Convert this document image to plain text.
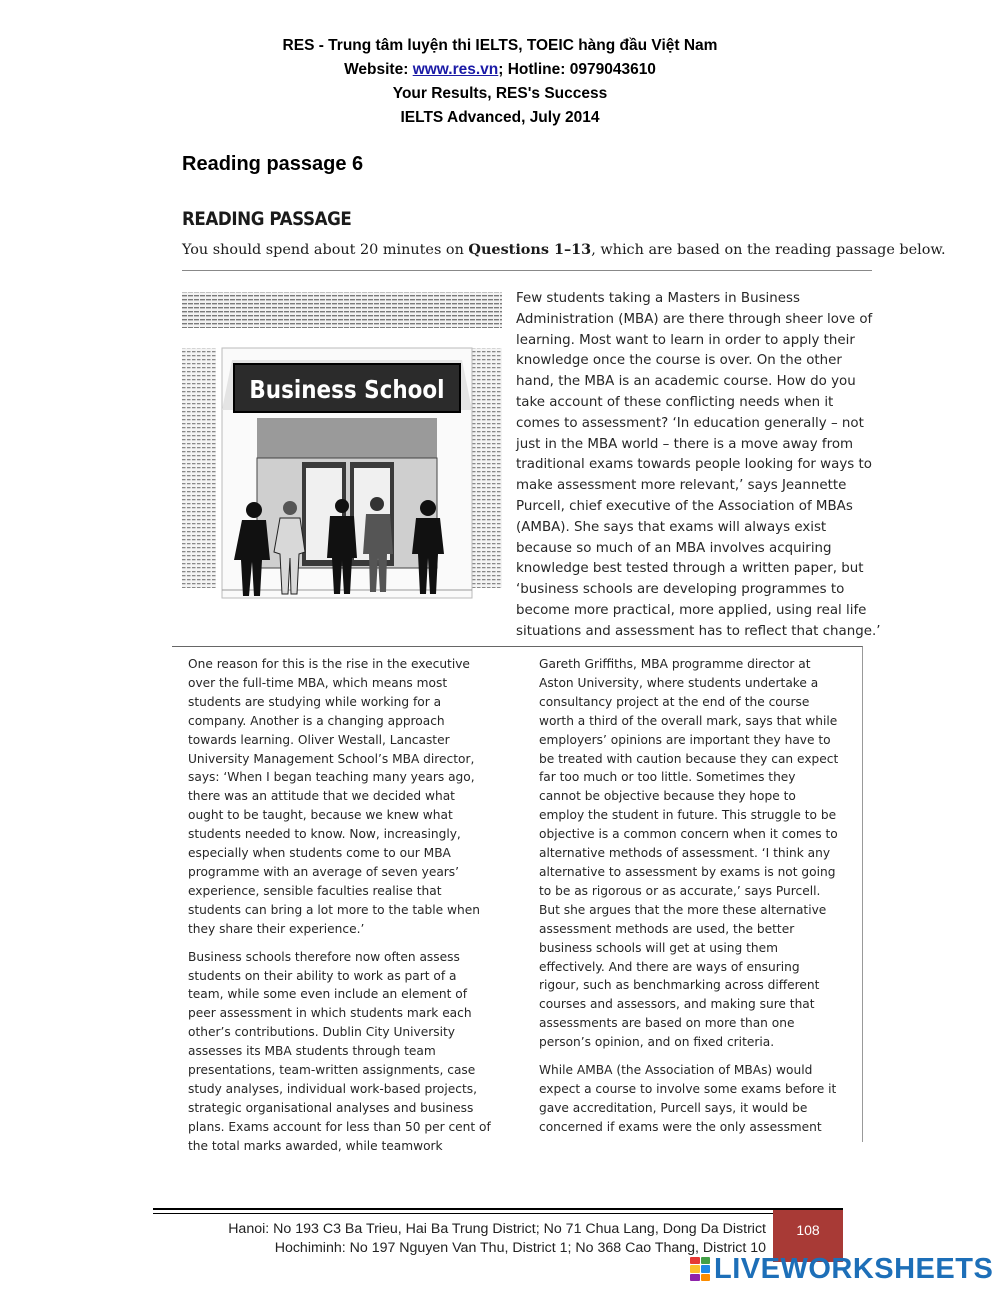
RES - Trung tâm luyện thi IELTS, TOEIC hàng đầu Việt Nam
Website: www.res.vn; Hotline: 0979043610
Your Results, RES's Success
IELTS Advanced, July 2014
Reading passage 6
READING PASSAGE
You should spend about 20 minutes on Questions 1–13, which are based on the reading passage below.
Business School

Few students taking a Masters in Business Administration (MBA) are there through sheer love of learning. Most want to learn in order to apply their knowledge once the course is over. On the other hand, the MBA is an academic course. How do you take account of these conflicting needs when it comes to assessment? ‘In education generally – not just in the MBA world – there is a move away from traditional exams towards people looking for ways to make assessment more relevant,’ says Jeannette Purcell, chief executive of the Association of MBAs (AMBA). She says that exams will always exist because so much of an MBA involves acquiring knowledge best tested through a written paper, but ‘business schools are developing programmes to become more practical, more applied, using real life situations and assessment has to reflect that change.’

One reason for this is the rise in the executive over the full-time MBA, which means most students are studying while working for a company. Another is a changing approach towards learning. Oliver Westall, Lancaster University Management School’s MBA director, says: ‘When I began teaching many years ago, there was an attitude that we decided what ought to be taught, because we knew what students needed to know. Now, increasingly, especially when students come to our MBA programme with an average of seven years’ experience, sensible faculties realise that students can bring a lot more to the table when they share their experience.’

Business schools therefore now often assess students on their ability to work as part of a team, while some even include an element of peer assessment in which students mark each other’s contributions. Dublin City University assesses its MBA students through team presentations, team-written assignments, case study analyses, individual work-based projects, strategic organisational analyses and business plans. Exams account for less than 50 per cent of the total marks awarded, while teamwork

Gareth Griffiths, MBA programme director at Aston University, where students undertake a consultancy project at the end of the course worth a third of the overall mark, says that while employers’ opinions are important they have to be treated with caution because they can expect far too much or too little. Sometimes they cannot be objective because they hope to employ the student in future. This struggle to be objective is a common concern when it comes to alternative methods of assessment. ‘I think any alternative to assessment by exams is not going to be as rigorous or as accurate,’ says Purcell. But she argues that the more these alternative assessment methods are used, the better business schools will get at using them effectively. And there are ways of ensuring rigour, such as benchmarking across different courses and assessors, and making sure that assessments are based on more than one person’s opinion, and on fixed criteria.

While AMBA (the Association of MBAs) would expect a course to involve some exams before it gave accreditation, Purcell says, it would be concerned if exams were the only assessment

Hanoi: No 193 C3 Ba Trieu, Hai Ba Trung District; No 71 Chua Lang, Dong Da District
Hochiminh: No 197 Nguyen Van Thu, District 1; No 368 Cao Thang, District 10
108
LIVEWORKSHEETS
